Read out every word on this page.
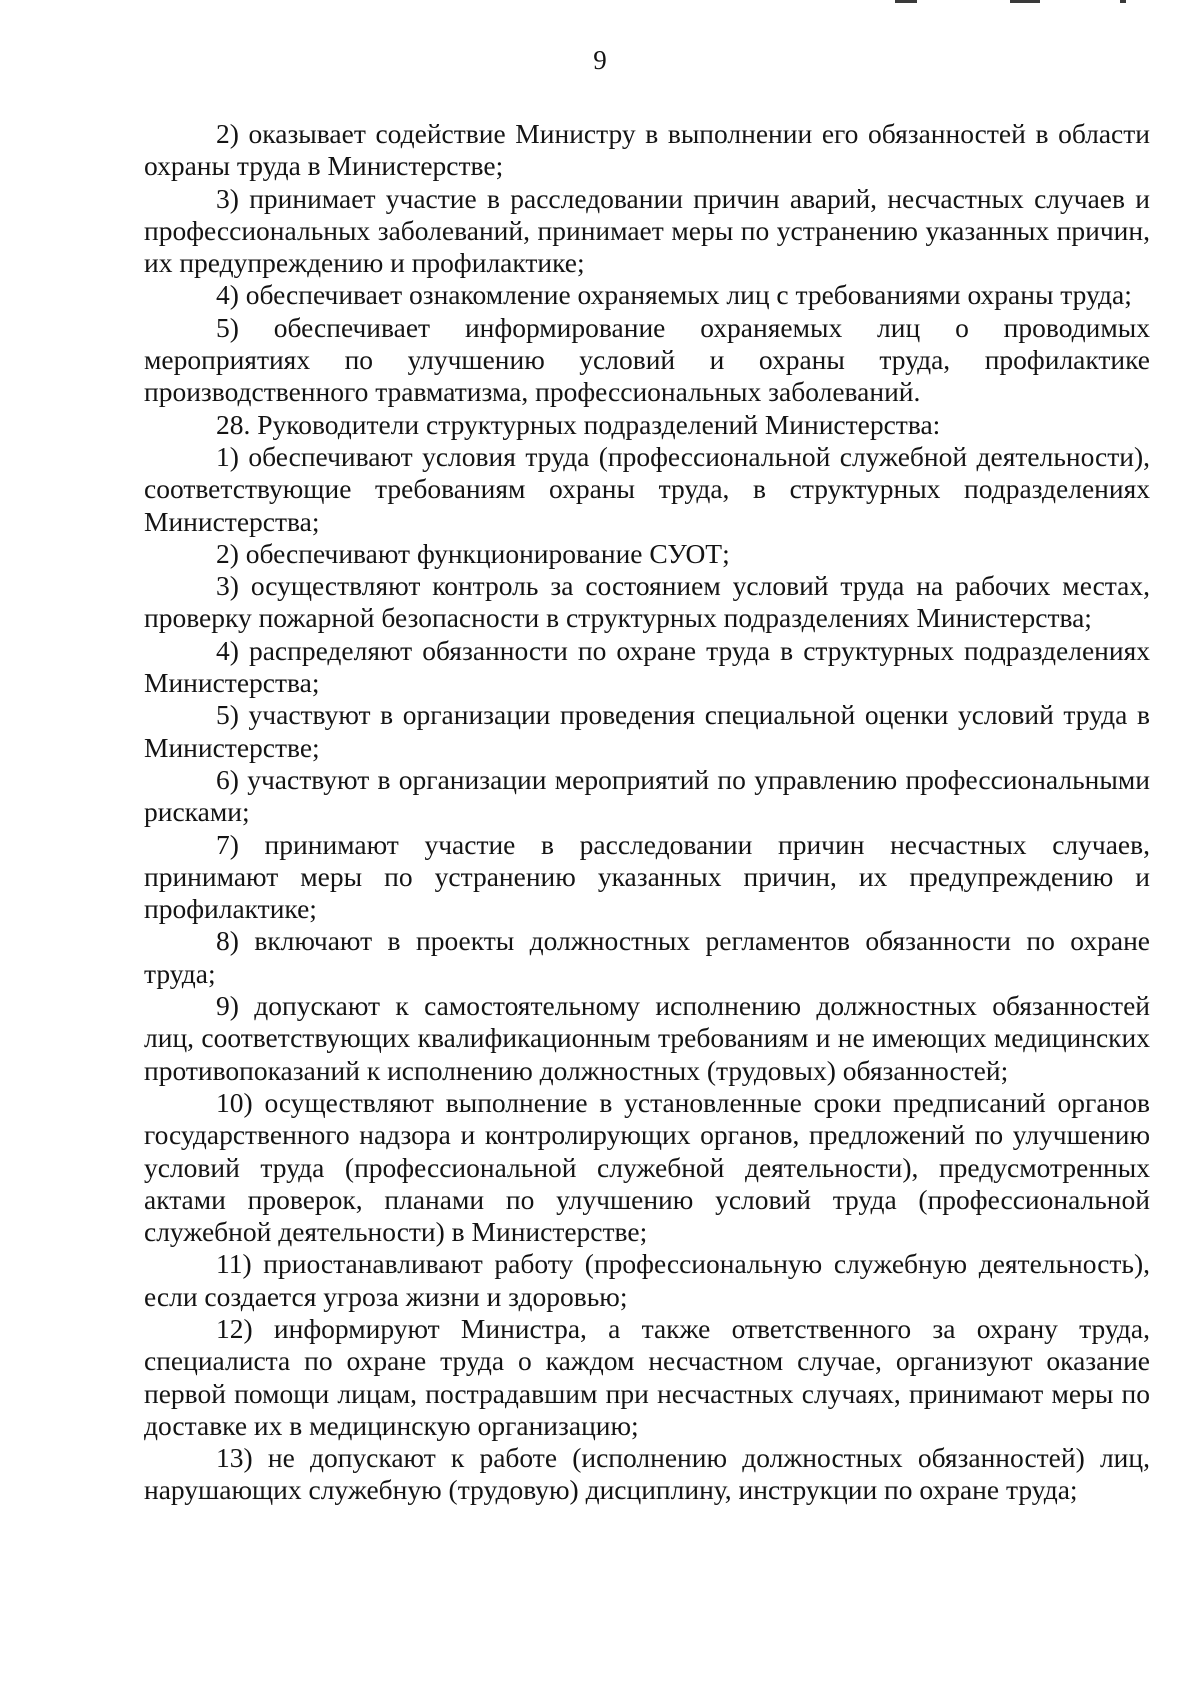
9

2) оказывает содействие Министру в выполнении его обязанностей в области охраны труда в Министерстве;

3) принимает участие в расследовании причин аварий, несчастных случаев и профессиональных заболеваний, принимает меры по устранению указанных причин, их предупреждению и профилактике;

4) обеспечивает ознакомление охраняемых лиц с требованиями охраны труда;

5) обеспечивает информирование охраняемых лиц о проводимых мероприятиях по улучшению условий и охраны труда, профилактике производственного травматизма, профессиональных заболеваний.

28. Руководители структурных подразделений Министерства:

1) обеспечивают условия труда (профессиональной служебной деятельности), соответствующие требованиям охраны труда, в структурных подразделениях Министерства;

2) обеспечивают функционирование СУОТ;

3) осуществляют контроль за состоянием условий труда на рабочих местах, проверку пожарной безопасности в структурных подразделениях Министерства;

4) распределяют обязанности по охране труда в структурных подразделениях Министерства;

5) участвуют в организации проведения специальной оценки условий труда в Министерстве;

6) участвуют в организации мероприятий по управлению профессиональными рисками;

7) принимают участие в расследовании причин несчастных случаев, принимают меры по устранению указанных причин, их предупреждению и профилактике;

8) включают в проекты должностных регламентов обязанности по охране труда;

9) допускают к самостоятельному исполнению должностных обязанностей лиц, соответствующих квалификационным требованиям и не имеющих медицинских противопоказаний к исполнению должностных (трудовых) обязанностей;

10) осуществляют выполнение в установленные сроки предписаний органов государственного надзора и контролирующих органов, предложений по улучшению условий труда (профессиональной служебной деятельности), предусмотренных актами проверок, планами по улучшению условий труда (профессиональной служебной деятельности) в Министерстве;

11) приостанавливают работу (профессиональную служебную деятельность), если создается угроза жизни и здоровью;

12) информируют Министра, а также ответственного за охрану труда, специалиста по охране труда о каждом несчастном случае, организуют оказание первой помощи лицам, пострадавшим при несчастных случаях, принимают меры по доставке их в медицинскую организацию;

13) не допускают к работе (исполнению должностных обязанностей) лиц, нарушающих служебную (трудовую) дисциплину, инструкции по охране труда;
